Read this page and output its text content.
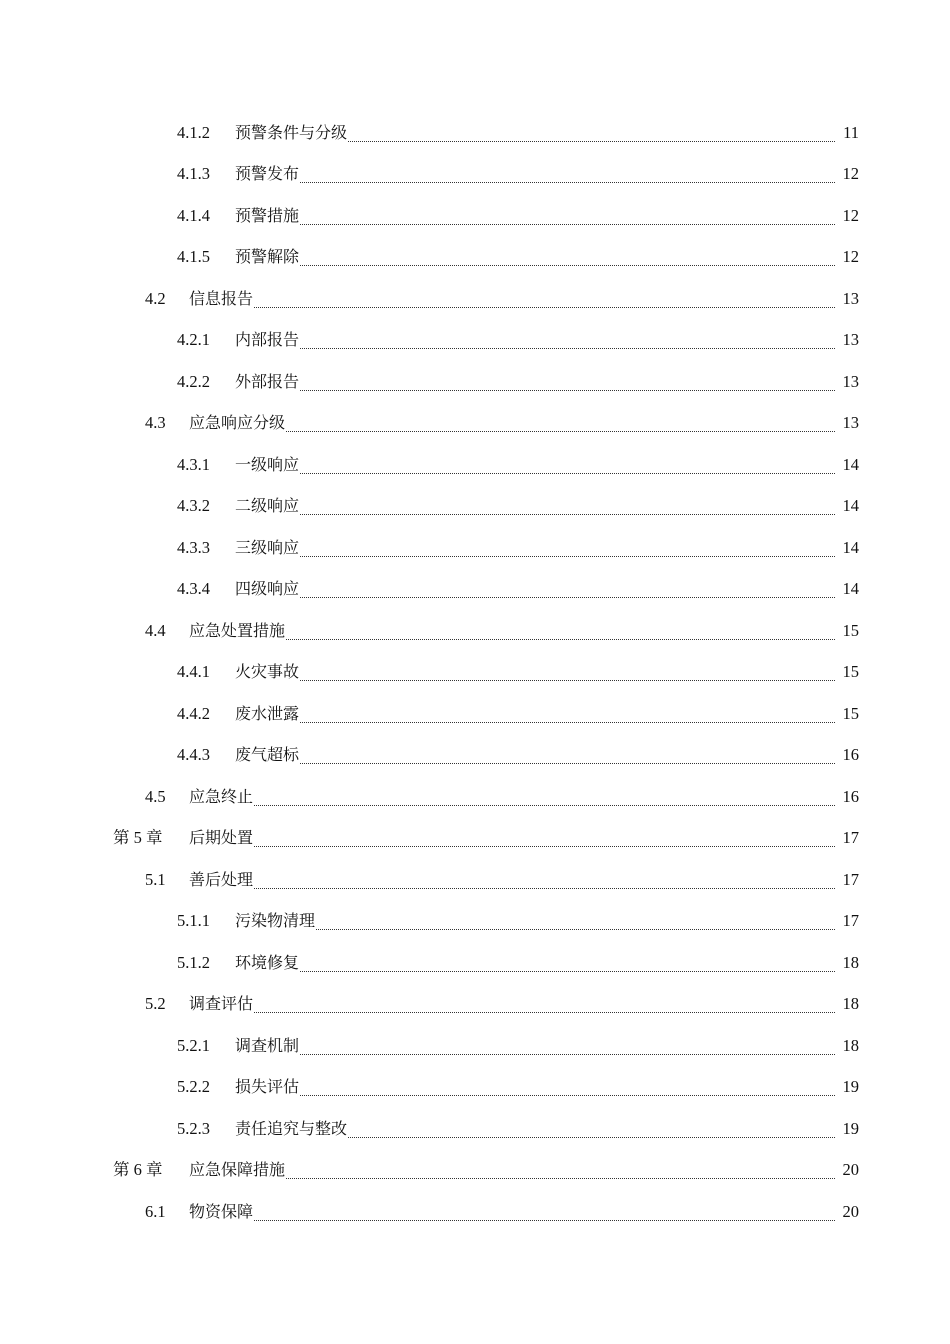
4.1.2	预警条件与分级	11
4.1.3	预警发布	12
4.1.4	预警措施	12
4.1.5	预警解除	12
4.2	信息报告	13
4.2.1	内部报告	13
4.2.2	外部报告	13
4.3	应急响应分级	13
4.3.1	一级响应	14
4.3.2	二级响应	14
4.3.3	三级响应	14
4.3.4	四级响应	14
4.4	应急处置措施	15
4.4.1	火灾事故	15
4.4.2	废水泄露	15
4.4.3	废气超标	16
4.5	应急终止	16
第 5 章	后期处置	17
5.1	善后处理	17
5.1.1	污染物清理	17
5.1.2	环境修复	18
5.2	调查评估	18
5.2.1	调查机制	18
5.2.2	损失评估	19
5.2.3	责任追究与整改	19
第 6 章	应急保障措施	20
6.1	物资保障	20
